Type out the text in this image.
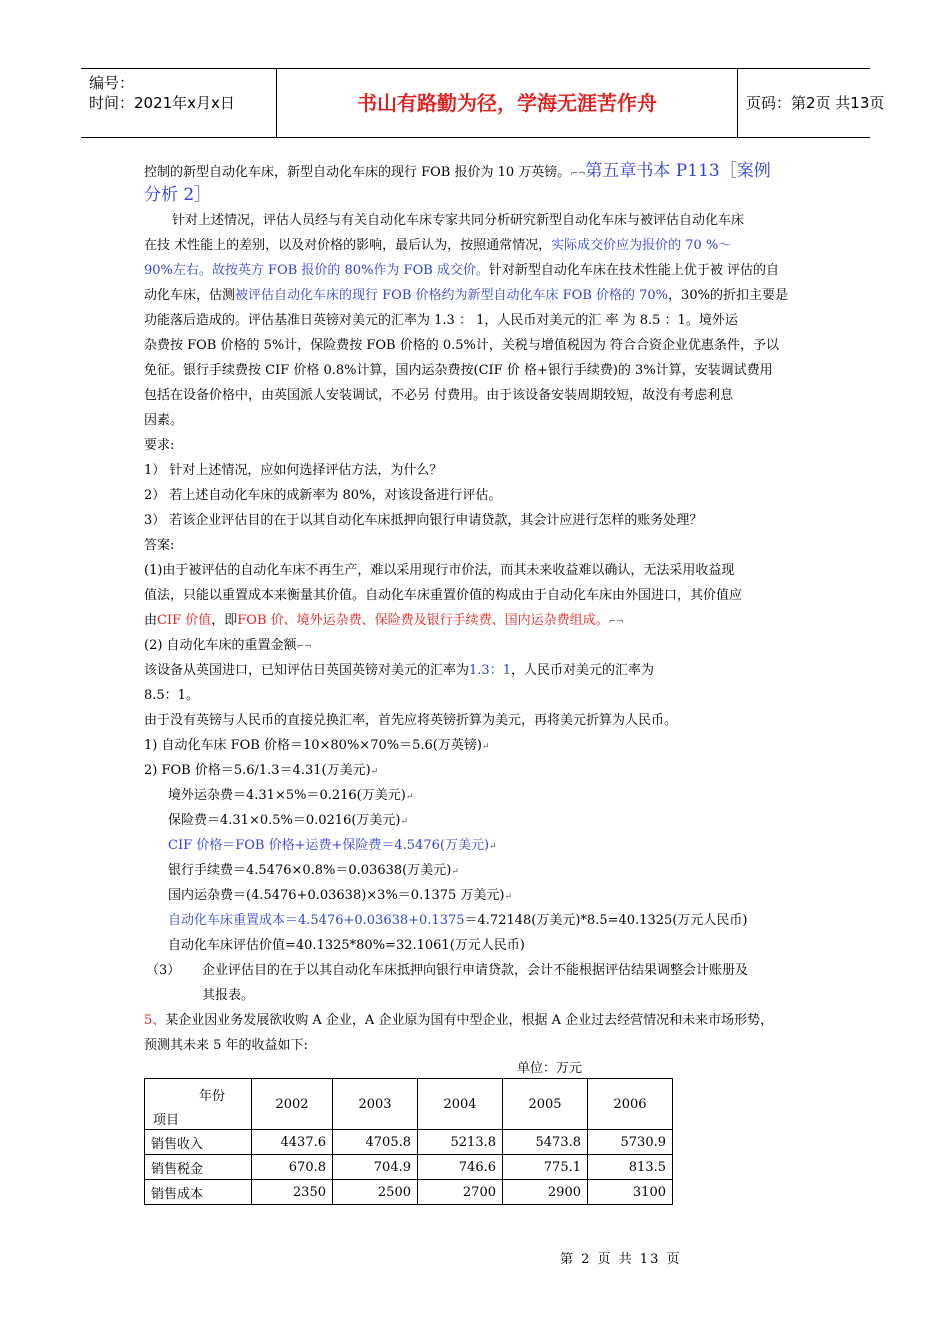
编号：
时间：2021年x月x日	书山有路勤为径，学海无涯苦作舟	页码：第2页 共13页
控制的新型自动化车床，新型自动化车床的现行 FOB 报价为 10 万英镑。⌐¬第五章书本 P113［案例
分析 2］
针对上述情况，评估人员经与有关自动化车床专家共同分析研究新型自动化车床与被评估自动化车床
在技 术性能上的差别，以及对价格的影响，最后认为，按照通常情况，实际成交价应为报价的 70 %～
90%左右。故按英方 FOB 报价的 80%作为 FOB 成交价。针对新型自动化车床在技术性能上优于被 评估的自
动化车床，估测被评估自动化车床的现行 FOB 价格约为新型自动化车床 FOB 价格的 70%，30%的折扣主要是
功能落后造成的。评估基准日英镑对美元的汇率为 1.3 ： 1，人民币对美元的汇 率 为 8.5 ：1。境外运
杂费按 FOB 价格的 5%计，保险费按 FOB 价格的 0.5%计，关税与增值税因为 符合合资企业优惠条件，予以
免征。银行手续费按 CIF 价格 0.8%计算，国内运杂费按(CIF 价 格+银行手续费)的 3%计算，安装调试费用
包括在设备价格中，由英国派人安装调试，不必另 付费用。由于该设备安装周期较短，故没有考虑利息
因素。
要求:
1） 针对上述情况，应如何选择评估方法，为什么？
2） 若上述自动化车床的成新率为 80%，对该设备进行评估。
3） 若该企业评估目的在于以其自动化车床抵押向银行申请贷款，其会计应进行怎样的账务处理？
答案:
(1)由于被评估的自动化车床不再生产，难以采用现行市价法，而其未来收益难以确认，无法采用收益现
值法，只能以重置成本来衡量其价值。自动化车床重置价值的构成由于自动化车床由外国进口，其价值应
由CIF 价值，即FOB 价、境外运杂费、保险费及银行手续费、国内运杂费组成。⌐¬
(2) 自动化车床的重置金额⌐¬
该设备从英国进口，已知评估日英国英镑对美元的汇率为1.3：1，人民币对美元的汇率为
8.5：1。
由于没有英镑与人民币的直接兑换汇率，首先应将英镑折算为美元，再将美元折算为人民币。
1) 自动化车床 FOB 价格＝10×80%×70%＝5.6(万英镑)↵
2) FOB 价格＝5.6/1.3＝4.31(万美元)↵
境外运杂费＝4.31×5%＝0.216(万美元)↵
保险费＝4.31×0.5%＝0.0216(万美元)↵
CIF 价格＝FOB 价格+运费+保险费＝4.5476(万美元)↵
银行手续费＝4.5476×0.8%＝0.03638(万美元)↵
国内运杂费＝(4.5476+0.03638)×3%＝0.1375 万美元)↵
自动化车床重置成本＝4.5476+0.03638+0.1375＝4.72148(万美元)*8.5=40.1325(万元人民币)
自动化车床评估价值=40.1325*80%=32.1061(万元人民币)
（3） 企业评估目的在于以其自动化车床抵押向银行申请贷款，会计不能根据评估结果调整会计账册及
其报表。
5、某企业因业务发展欲收购 A 企业，A 企业原为国有中型企业，根据 A 企业过去经营情况和未来市场形势，
预测其未来 5 年的收益如下:
单位：万元
年份
项目	2002	2003	2004	2005	2006
销售收入	4437.6	4705.8	5213.8	5473.8	5730.9
销售税金	670.8	704.9	746.6	775.1	813.5
销售成本	2350	2500	2700	2900	3100
第 2 页 共 13 页
